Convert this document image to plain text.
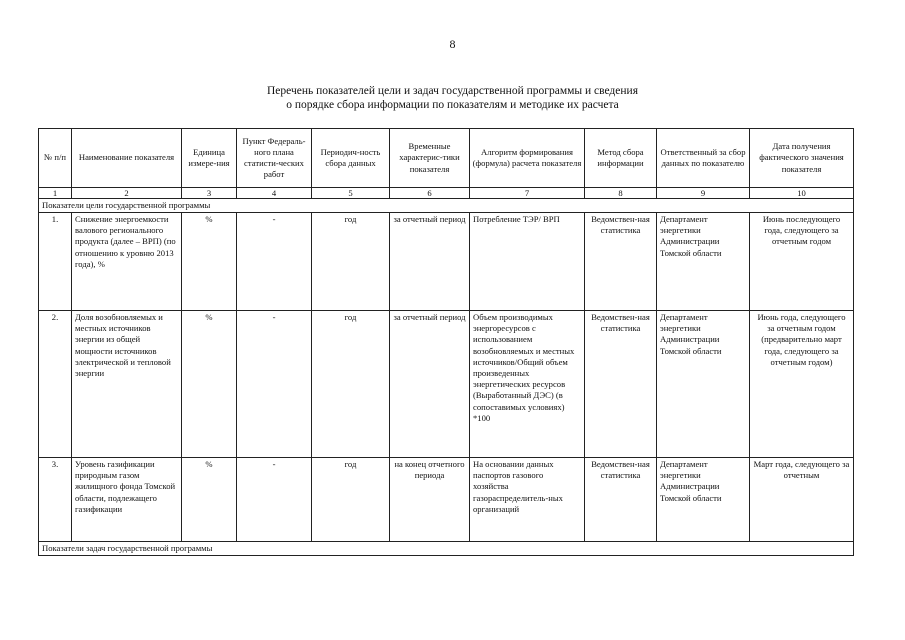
8
Перечень показателей цели и задач государственной программы и сведения
о порядке сбора информации по показателям и методике их расчета
№ п/п	Наименование показателя	Единица измере-ния	Пункт Федераль-ного плана статисти-ческих работ	Периодич-ность сбора данных	Временные характерис-тики показателя	Алгоритм формирования (формула) расчета показателя	Метод сбора информации	Ответственный за сбор данных по показателю	Дата получения фактического значения показателя
1	2	3	4	5	6	7	8	9	10
Показатели цели государственной программы									
1.	Снижение энергоемкости валового регионального продукта (далее – ВРП) (по отношению к уровню 2013 года), %	%	-	год	за отчетный период	Потребление ТЭР/ ВРП	Ведомствен-ная статистика	Департамент энергетики Администрации Томской области	Июнь последующего года, следующего за отчетным годом
2.	Доля возобновляемых и местных источников энергии из общей мощности источников электрической и тепловой энергии	%	-	год	за отчетный период	Объем производимых энергоресурсов с использованием возобновляемых и местных источников/Общий объем произведенных энергетических ресурсов (Выработанный ДЭС) (в сопоставимых условиях) *100	Ведомствен-ная статистика	Департамент энергетики Администрации Томской области	Июнь года, следующего за отчетным годом (предварительно март года, следующего за отчетным годом)
3.	Уровень газификации природным газом жилищного фонда Томской области, подлежащего газификации	%	-	год	на конец отчетного периода	На основании данных паспортов газового хозяйства газораспределитель-ных организаций	Ведомствен-ная статистика	Департамент энергетики Администрации Томской области	Март года, следующего за отчетным
Показатели задач государственной программы									
